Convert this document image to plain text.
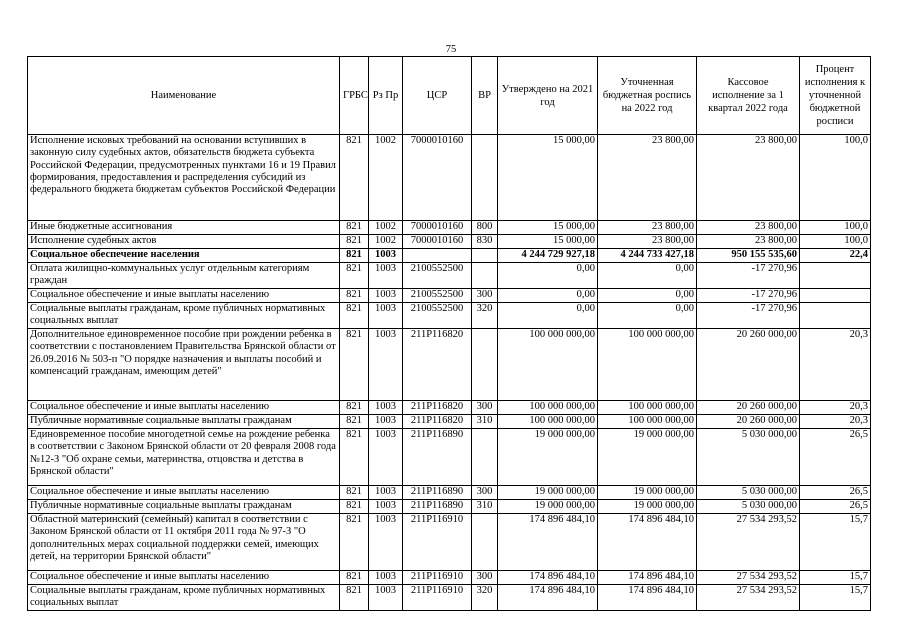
75
Наименование	ГРБС	Рз Пр	ЦСР	ВР	Утверждено на 2021 год	Уточненная бюджетная роспись на 2022 год	Кассовое исполнение за 1 квартал 2022 года	Процент исполнения к уточненной бюджетной росписи
Исполнение исковых требований на основании вступивших в законную силу судебных актов, обязательств бюджета субъекта Российской Федерации, предусмотренных пунктами 16 и 19 Правил формирования, предоставления и распределения субсидий из федерального бюджета бюджетам субъектов Российской Федерации	821	1002	7000010160		15 000,00	23 800,00	23 800,00	100,0
Иные бюджетные ассигнования	821	1002	7000010160	800	15 000,00	23 800,00	23 800,00	100,0
Исполнение судебных актов	821	1002	7000010160	830	15 000,00	23 800,00	23 800,00	100,0
Социальное обеспечение населения	821	1003			4 244 729 927,18	4 244 733 427,18	950 155 535,60	22,4
Оплата жилищно-коммунальных услуг отдельным категориям граждан	821	1003	2100552500		0,00	0,00	-17 270,96	
Социальное обеспечение и иные выплаты населению	821	1003	2100552500	300	0,00	0,00	-17 270,96	
Социальные выплаты гражданам, кроме публичных нормативных социальных выплат	821	1003	2100552500	320	0,00	0,00	-17 270,96	
Дополнительное единовременное пособие при рождении ребенка в соответствии с постановлением Правительства Брянской области от 26.09.2016 № 503-п "О порядке назначения и выплаты пособий и компенсаций гражданам, имеющим детей"	821	1003	211P116820		100 000 000,00	100 000 000,00	20 260 000,00	20,3
Социальное обеспечение и иные выплаты населению	821	1003	211P116820	300	100 000 000,00	100 000 000,00	20 260 000,00	20,3
Публичные нормативные социальные выплаты гражданам	821	1003	211P116820	310	100 000 000,00	100 000 000,00	20 260 000,00	20,3
Единовременное пособие многодетной семье на рождение ребенка в соответствии с Законом Брянской области от 20 февраля 2008 года №12-З "Об охране семьи, материнства, отцовства и детства в Брянской области"	821	1003	211P116890		19 000 000,00	19 000 000,00	5 030 000,00	26,5
Социальное обеспечение и иные выплаты населению	821	1003	211P116890	300	19 000 000,00	19 000 000,00	5 030 000,00	26,5
Публичные нормативные социальные выплаты гражданам	821	1003	211P116890	310	19 000 000,00	19 000 000,00	5 030 000,00	26,5
Областной материнский (семейный) капитал в соответствии с Законом Брянской области от 11 октября 2011 года № 97-З "О дополнительных мерах социальной поддержки семей, имеющих детей, на территории Брянской области"	821	1003	211P116910		174 896 484,10	174 896 484,10	27 534 293,52	15,7
Социальное обеспечение и иные выплаты населению	821	1003	211P116910	300	174 896 484,10	174 896 484,10	27 534 293,52	15,7
Социальные выплаты гражданам, кроме публичных нормативных социальных выплат	821	1003	211P116910	320	174 896 484,10	174 896 484,10	27 534 293,52	15,7
